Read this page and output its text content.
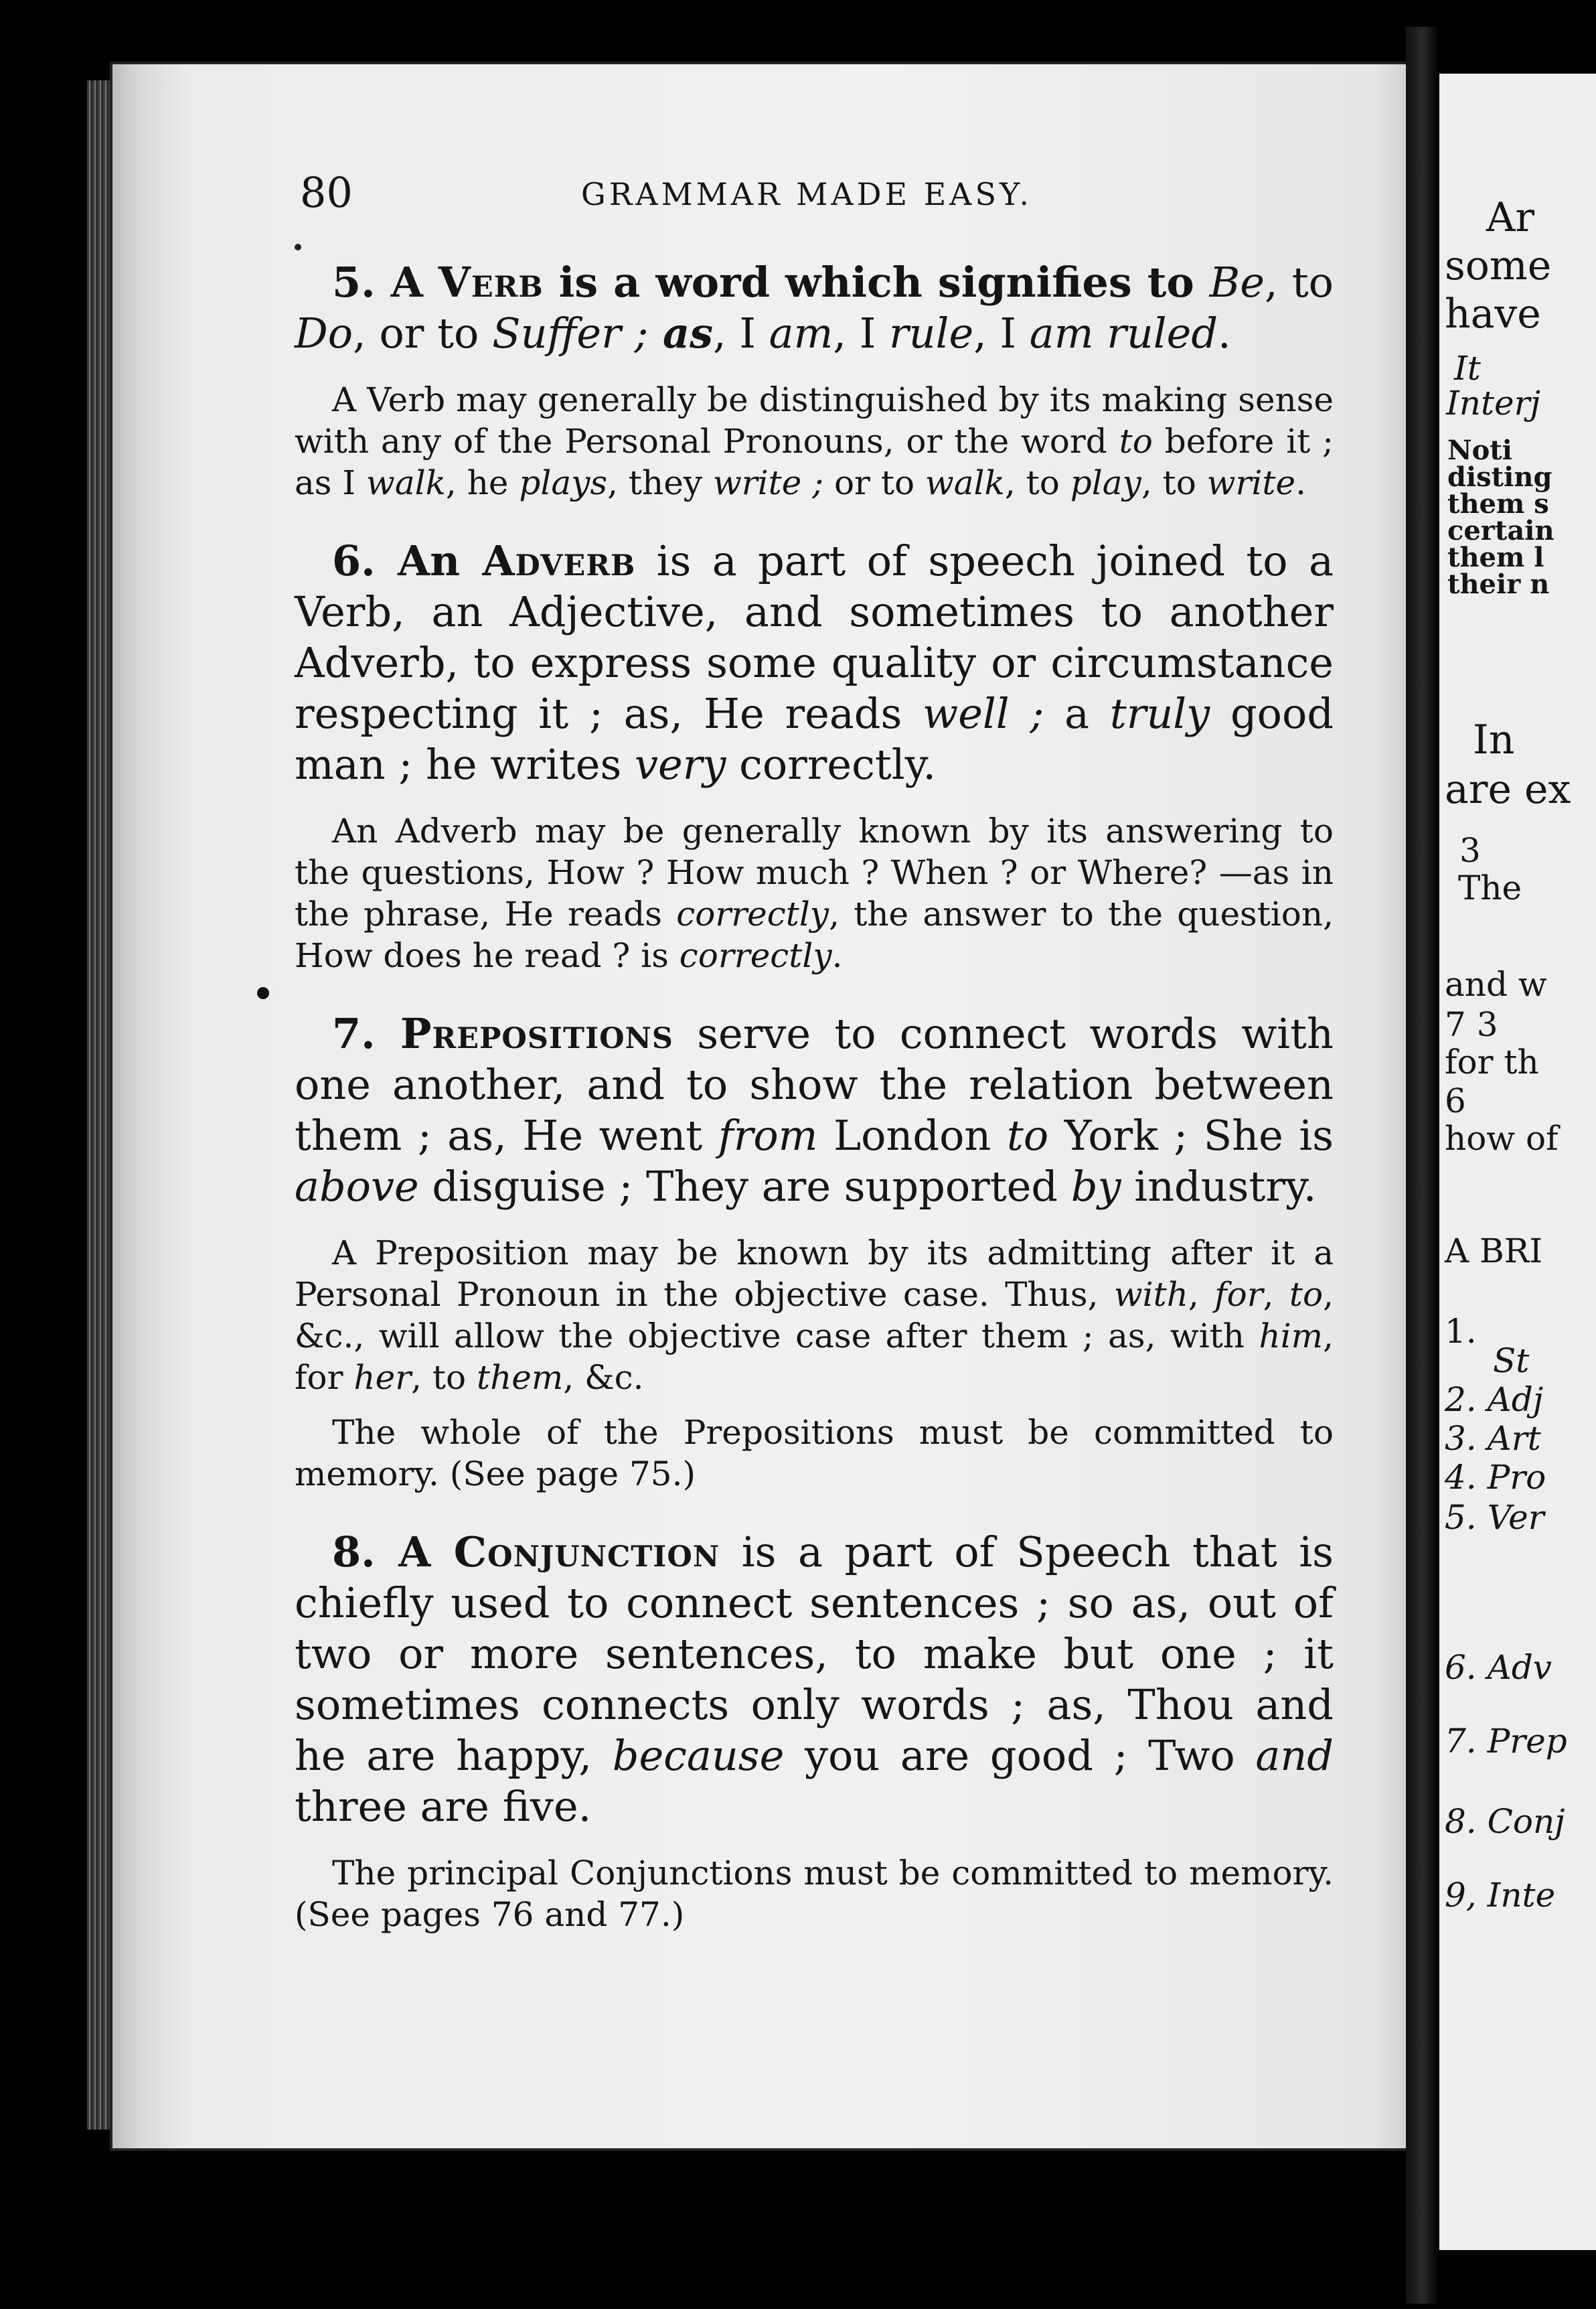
80	GRAMMAR MADE EASY.

5. A Verb is a word which signifies to Be, to Do, or to Suffer ; as, I am, I rule, I am ruled.

A Verb may generally be distinguished by its making sense with any of the Personal Pronouns, or the word to before it ; as I walk, he plays, they write ; or to walk, to play, to write.

6. An Adverb is a part of speech joined to a Verb, an Adjective, and sometimes to another Adverb, to express some quality or circumstance respecting it ; as, He reads well ; a truly good man ; he writes very correctly.

An Adverb may be generally known by its answering to the questions, How ? How much ? When ? or Where? —as in the phrase, He reads correctly, the answer to the question, How does he read ? is correctly.

7. Prepositions serve to connect words with one another, and to show the relation between them ; as, He went from London to York ; She is above disguise ; They are supported by industry.

A Preposition may be known by its admitting after it a Personal Pronoun in the objective case. Thus, with, for, to, &c., will allow the objective case after them ; as, with him, for her, to them, &c.

The whole of the Prepositions must be committed to memory. (See page 75.)

8. A Conjunction is a part of Speech that is chiefly used to connect sentences ; so as, out of two or more sentences, to make but one ; it sometimes connects only words ; as, Thou and he are happy, because you are good ; Two and three are five.

The principal Conjunctions must be committed to memory. (See pages 76 and 77.)

Ar
some
have
It
Interj
Noti
disting
them s
certain
them l
their n
In
are ex
3
The
and w
7 3
for th
6
how of
A BRI
1.
St
2. Adj
3. Art
4. Pro
5. Ver
6. Adv
7. Prep
8. Conj
9, Inte
